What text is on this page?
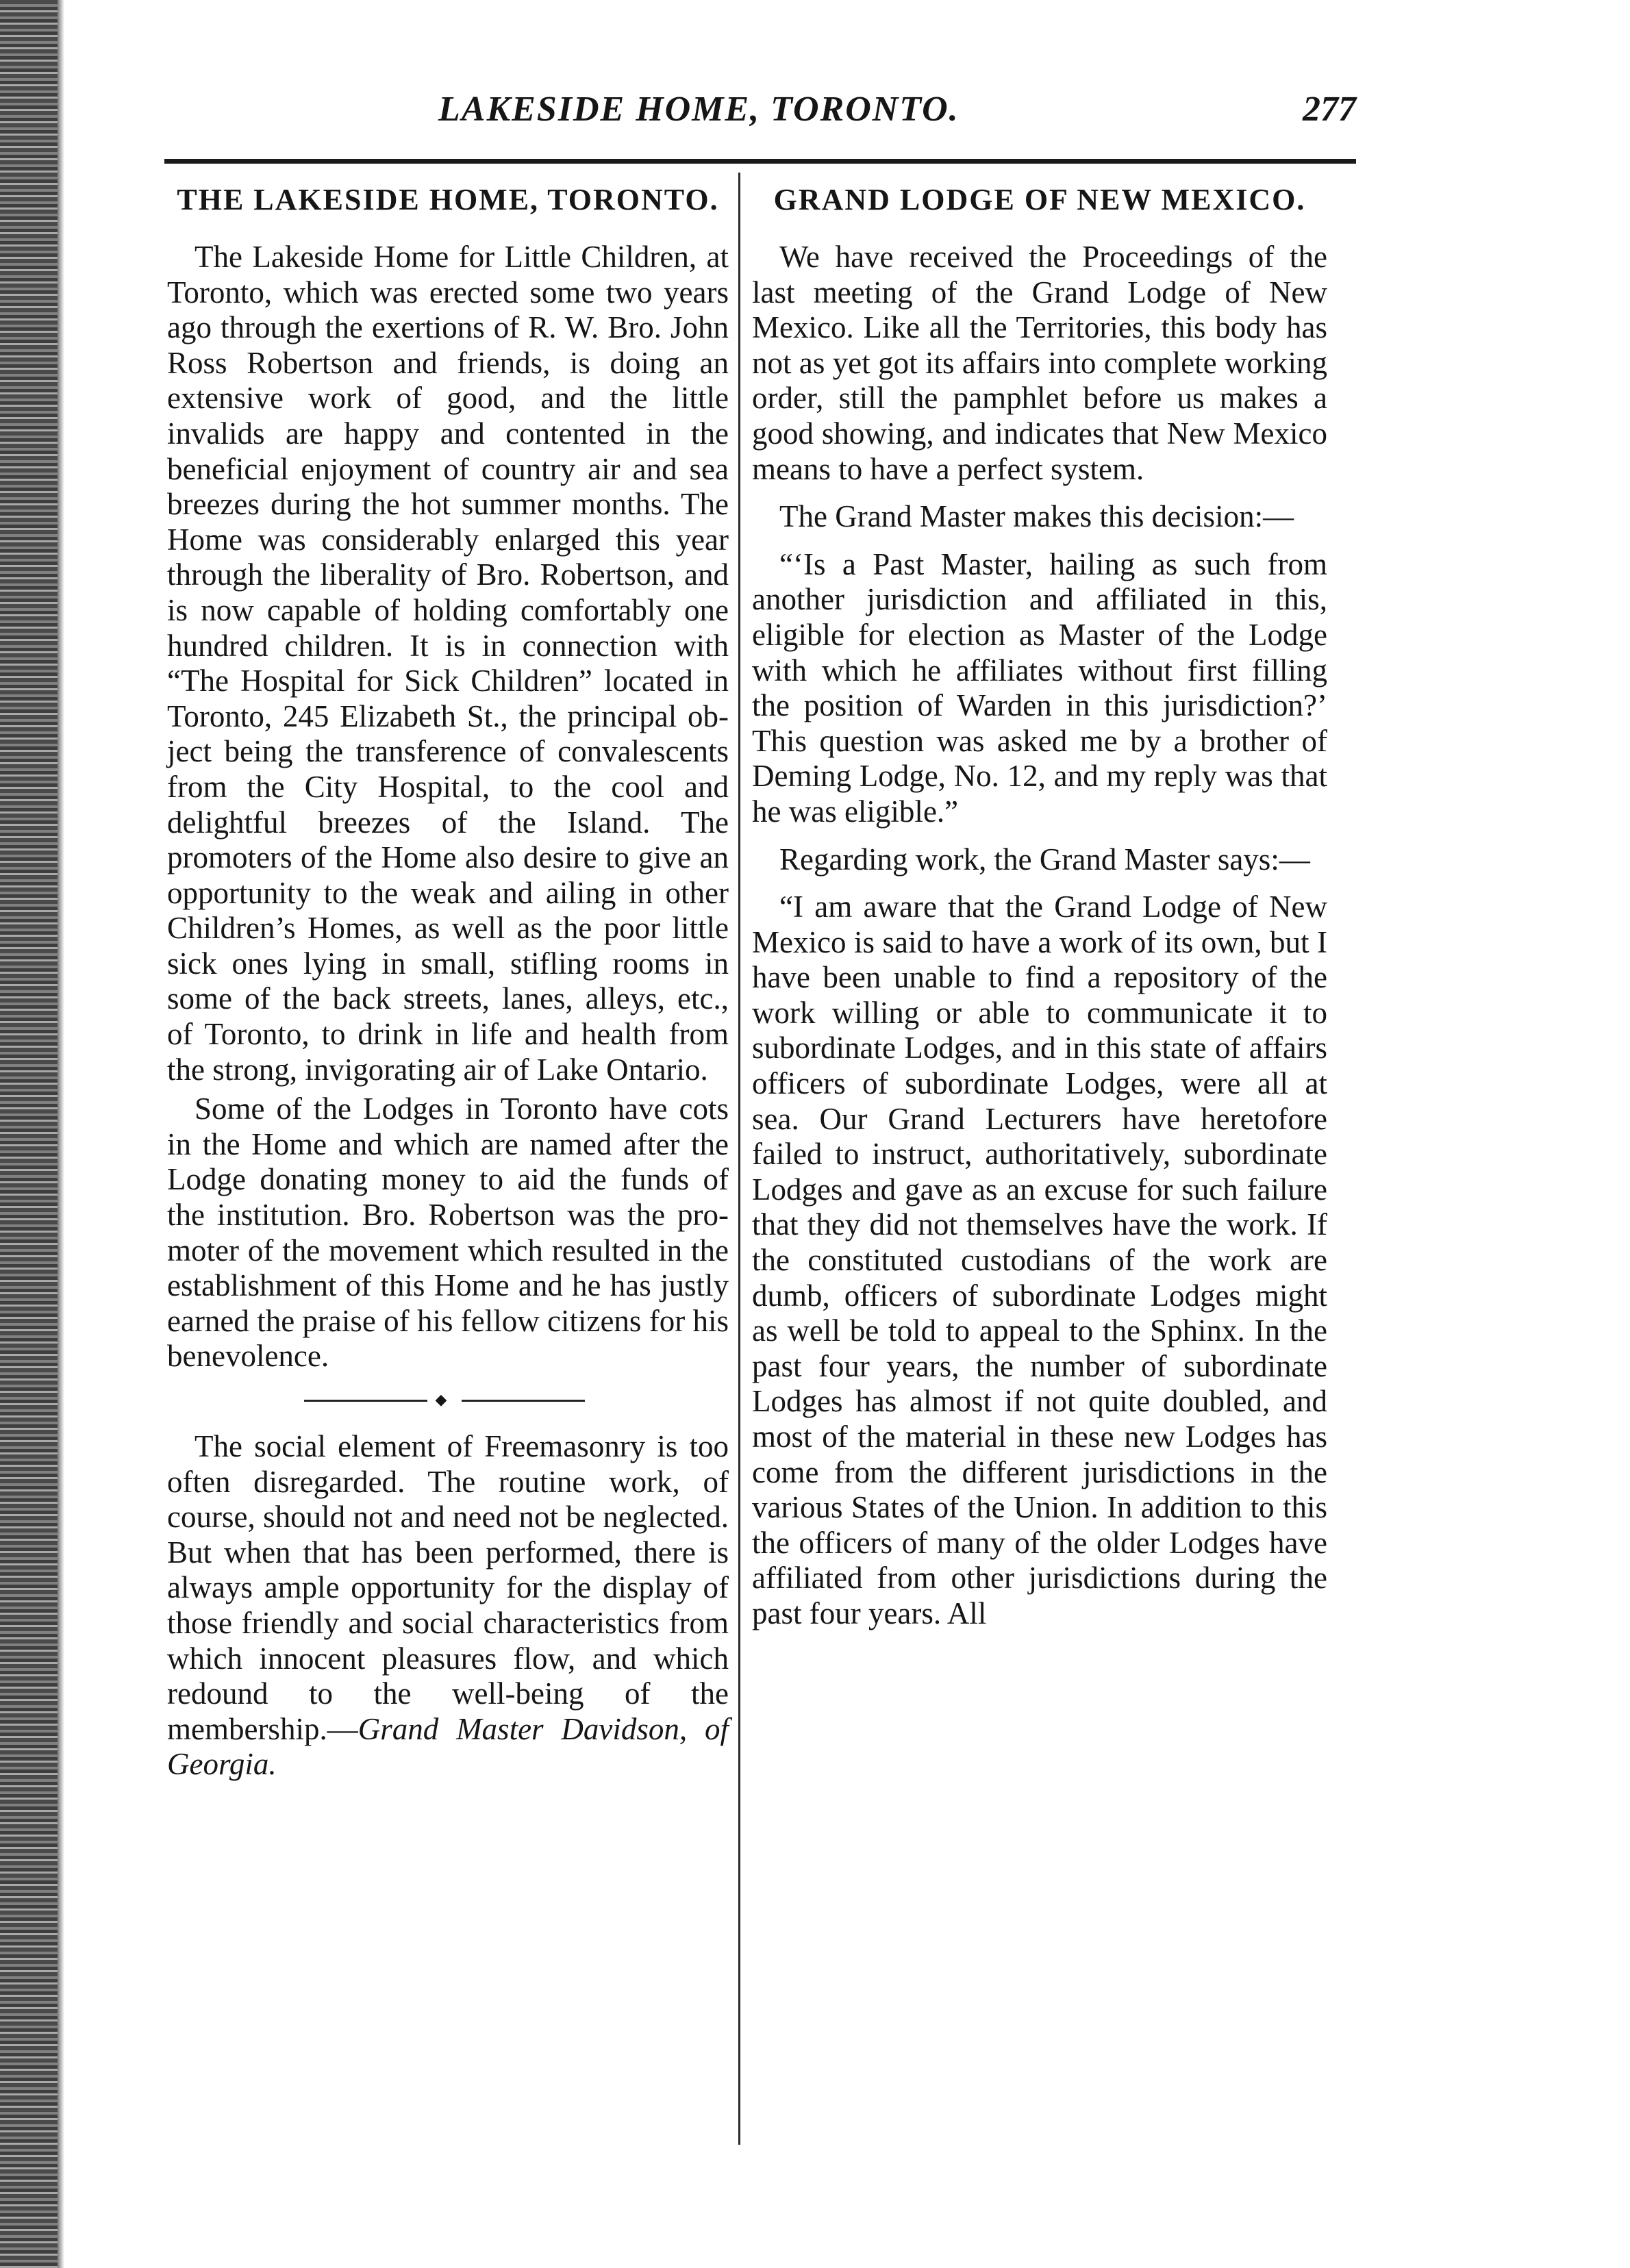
LAKESIDE HOME, TORONTO.	277
THE LAKESIDE HOME, TORONTO.

The Lakeside Home for Little Children, at Toronto, which was erected some two years ago through the exertions of R. W. Bro. John Ross Robertson and friends, is doing an extensive work of good, and the little invalids are happy and contented in the beneficial enjoyment of country air and sea breezes during the hot summer months. The Home was considerably enlarged this year through the liberality of Bro. Robertson, and is now capable of holding comfortably one hundred children. It is in connection with “The Hospital for Sick Children” located in Toronto, 245 Elizabeth St., the principal object being the transference of convalescents from the City Hospital, to the cool and delightful breezes of the Island. The promoters of the Home also desire to give an opportunity to the weak and ailing in other Children’s Homes, as well as the poor little sick ones lying in small, stifling rooms in some of the back streets, lanes, alleys, etc., of Toronto, to drink in life and health from the strong, invigorating air of Lake Ontario.

Some of the Lodges in Toronto have cots in the Home and which are named after the Lodge donating money to aid the funds of the institution. Bro. Robertson was the promoter of the movement which resulted in the establishment of this Home and he has justly earned the praise of his fellow citizens for his benevolence.

◆

The social element of Freemasonry is too often disregarded. The routine work, of course, should not and need not be neglected. But when that has been performed, there is always ample opportunity for the display of those friendly and social characteristics from which innocent pleasures flow, and which redound to the well-being of the membership.—Grand Master Davidson, of Georgia.

GRAND LODGE OF NEW MEXICO.

We have received the Proceedings of the last meeting of the Grand Lodge of New Mexico. Like all the Territories, this body has not as yet got its affairs into complete working order, still the pamphlet before us makes a good showing, and indicates that New Mexico means to have a perfect system.

The Grand Master makes this decision:—

“‘Is a Past Master, hailing as such from another jurisdiction and affiliated in this, eligible for election as Master of the Lodge with which he affiliates without first filling the position of Warden in this jurisdiction?’ This question was asked me by a brother of Deming Lodge, No. 12, and my reply was that he was eligible.”

Regarding work, the Grand Master says:—

“I am aware that the Grand Lodge of New Mexico is said to have a work of its own, but I have been unable to find a repository of the work willing or able to communicate it to subordinate Lodges, and in this state of affairs officers of subordinate Lodges, were all at sea. Our Grand Lecturers have heretofore failed to instruct, authoritatively, subordinate Lodges and gave as an excuse for such failure that they did not themselves have the work. If the constituted custodians of the work are dumb, officers of subordinate Lodges might as well be told to appeal to the Sphinx. In the past four years, the number of subordinate Lodges has almost if not quite doubled, and most of the material in these new Lodges has come from the different jurisdictions in the various States of the Union. In addition to this the officers of many of the older Lodges have affiliated from other jurisdictions during the past four years. All
